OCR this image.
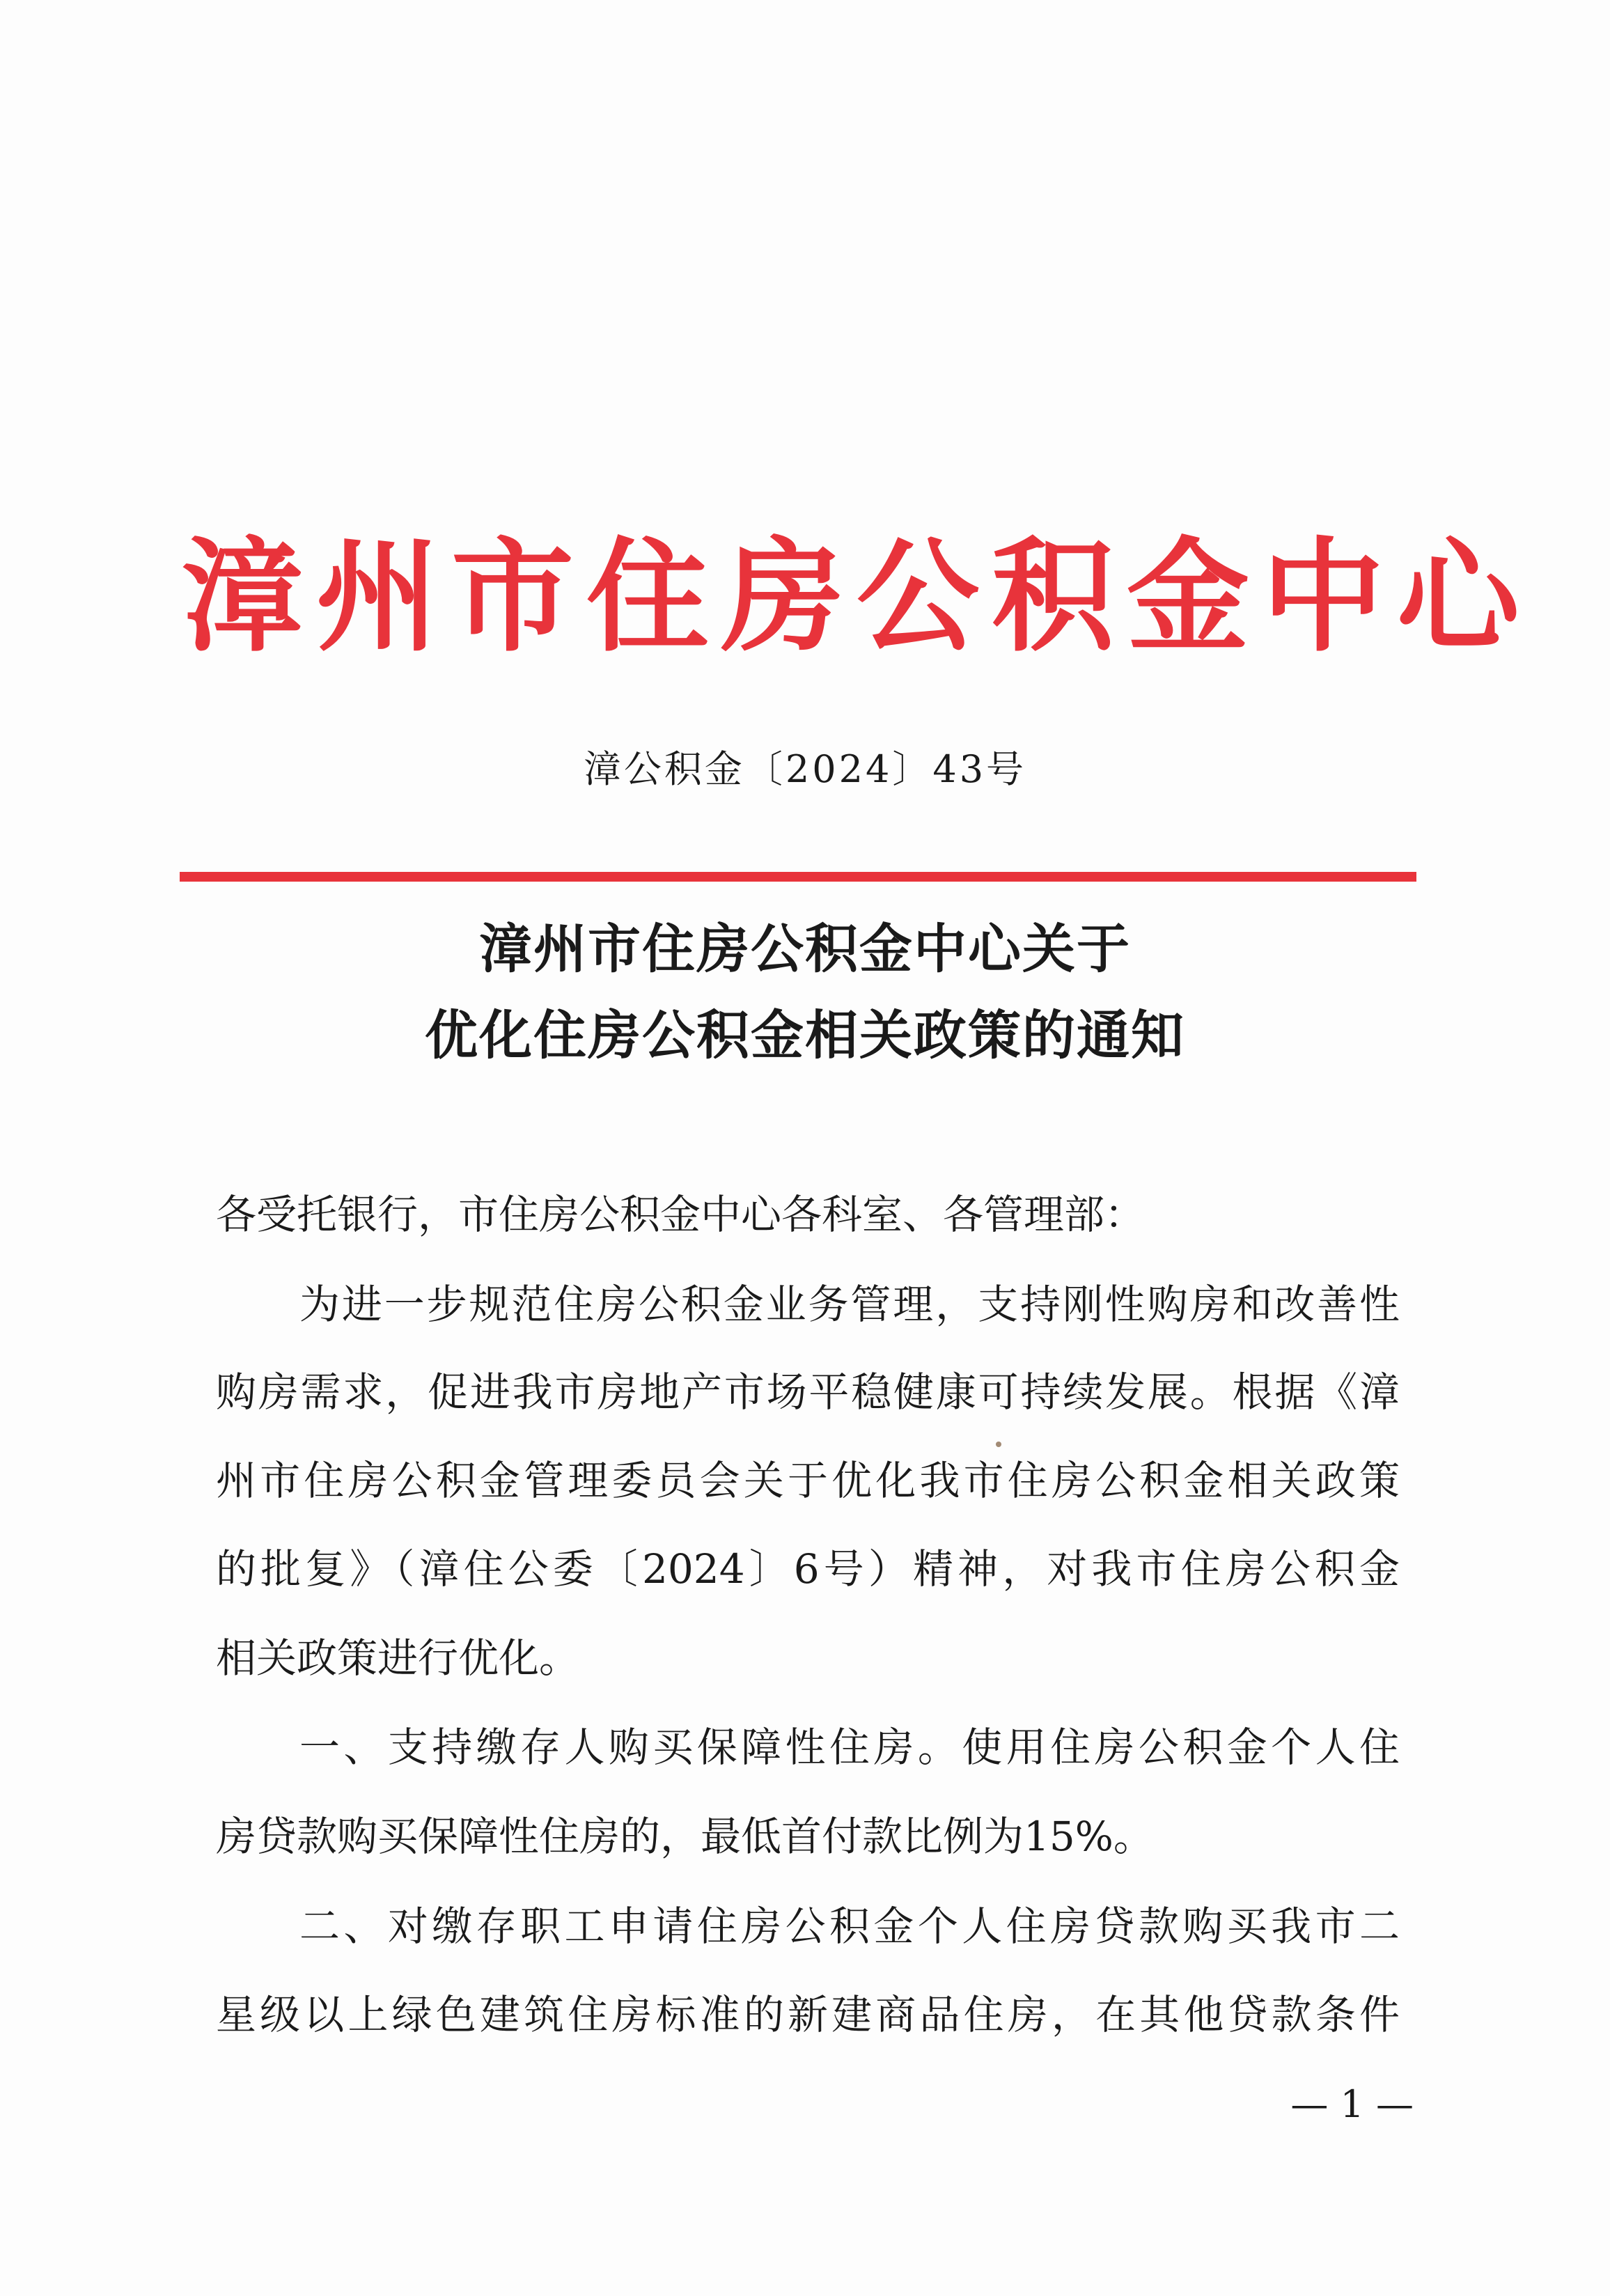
漳州市住房公积金中心
漳公积金〔2024〕43号
漳州市住房公积金中心关于
优化住房公积金相关政策的通知
各受托银行，市住房公积金中心各科室、各管理部：
为进一步规范住房公积金业务管理，支持刚性购房和改善性
购房需求，促进我市房地产市场平稳健康可持续发展。根据《漳
州市住房公积金管理委员会关于优化我市住房公积金相关政策
的批复》（漳住公委〔2024〕6号）精神，对我市住房公积金
相关政策进行优化。
一、支持缴存人购买保障性住房。使用住房公积金个人住
房贷款购买保障性住房的，最低首付款比例为15%。
二、对缴存职工申请住房公积金个人住房贷款购买我市二
星级以上绿色建筑住房标准的新建商品住房，在其他贷款条件
— 1 —
